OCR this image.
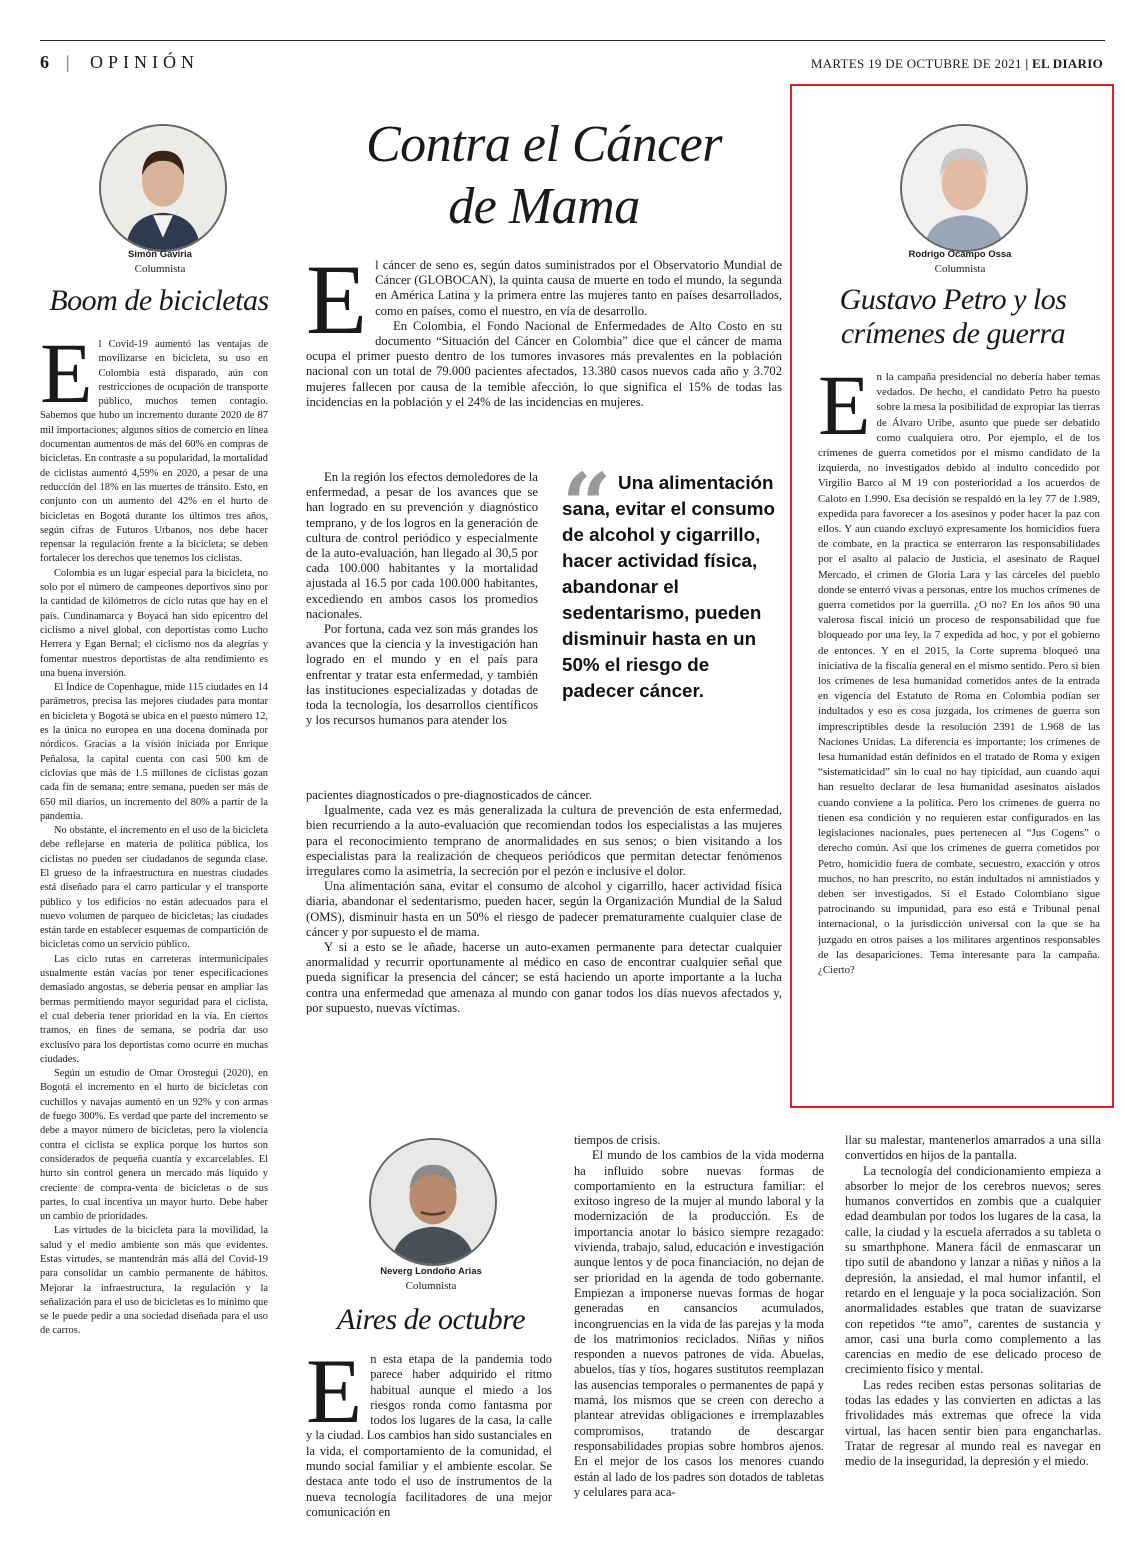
6 | OPINIÓN	MARTES 19 DE OCTUBRE DE 2021 | EL DIARIO
Simón Gaviria
Columnista
Boom de bicicletas

El Covid-19 aumentó las ventajas de movilizarse en bicicleta, su uso en Colombia está disparado, aún con restricciones de ocupación de transporte público, muchos temen contagio. Sabemos que hubo un incremento durante 2020 de 87 mil importaciones; algunos sitios de comercio en línea documentan aumentos de más del 60% en compras de bicicletas. En contraste a su popularidad, la mortalidad de ciclistas aumentó 4,59% en 2020, a pesar de una reducción del 18% en las muertes de tránsito. Esto, en conjunto con un aumento del 42% en el hurto de bicicletas en Bogotá durante los últimos tres años, según cifras de Futuros Urbanos, nos debe hacer repensar la regulación frente a la bicicleta; se deben fortalecer los derechos que tenemos los ciclistas.

Colombia es un lugar especial para la bicicleta, no solo por el número de campeones deportivos sino por la cantidad de kilómetros de ciclo rutas que hay en el país. Cundinamarca y Boyacá han sido epicentro del ciclismo a nivel global, con deportistas como Lucho Herrera y Egan Bernal; el ciclismo nos da alegrías y fomentar nuestros deportistas de alta rendimiento es una buena inversión.

El Índice de Copenhague, mide 115 ciudades en 14 parámetros, precisa las mejores ciudades para montar en bicicleta y Bogotá se ubica en el puesto número 12, es la única no europea en una docena dominada por nórdicos. Gracias a la visión iniciada por Enrique Peñalosa, la capital cuenta con casi 500 km de ciclovías que más de 1.5 millones de ciclistas gozan cada fin de semana; entre semana, pueden ser más de 650 mil diarios, un incremento del 80% a partir de la pandemia.

No obstante, el incremento en el uso de la bicicleta debe reflejarse en materia de política pública, los ciclistas no pueden ser ciudadanos de segunda clase. El grueso de la infraestructura en nuestras ciudades está diseñado para el carro particular y el transporte público y los edificios no están adecuados para el nuevo volumen de parqueo de bicicletas; las ciudades están tarde en establecer esquemas de compartición de bicicletas como un servicio público.

Las ciclo rutas en carreteras intermunicipales usualmente están vacías por tener especificaciones demasiado angostas, se debería pensar en ampliar las bermas permitiendo mayor seguridad para el ciclista, el cual debería tener prioridad en la vía. En ciertos tramos, en fines de semana, se podría dar uso exclusivo para los deportistas como ocurre en muchas ciudades.

Según un estudio de Omar Orostegui (2020), en Bogotá el incremento en el hurto de bicicletas con cuchillos y navajas aumentó en un 92% y con armas de fuego 300%. Es verdad que parte del incremento se debe a mayor número de bicicletas, pero la violencia contra el ciclista se explica porque los hurtos son considerados de pequeña cuantía y excarcelables. El hurto sin control genera un mercado más líquido y creciente de compra-venta de bicicletas o de sus partes, lo cual incentiva un mayor hurto. Debe haber un cambio de prioridades.

Las virtudes de la bicicleta para la movilidad, la salud y el medio ambiente son más que evidentes. Estas virtudes, se mantendrán más allá del Covid-19 para consolidar un cambio permanente de hábitos. Mejorar la infraestructura, la regulación y la señalización para el uso de bicicletas es lo mínimo que se le puede pedir a una sociedad diseñada para el uso de carros.

Contra el Cáncer
de Mama

El cáncer de seno es, según datos suministrados por el Observatorio Mundial de Cáncer (GLOBOCAN), la quinta causa de muerte en todo el mundo, la segunda en América Latina y la primera entre las mujeres tanto en países desarrollados, como en países, como el nuestro, en vía de desarrollo.

En Colombia, el Fondo Nacional de Enfermedades de Alto Costo en su documento “Situación del Cáncer en Colombia” dice que el cáncer de mama ocupa el primer puesto dentro de los tumores invasores más prevalentes en la población nacional con un total de 79.000 pacientes afectados, 13.380 casos nuevos cada año y 3.702 mujeres fallecen por causa de la temible afección, lo que significa el 15% de todas las incidencias en la población y el 24% de las incidencias en mujeres.

En la región los efectos demoledores de la enfermedad, a pesar de los avances que se han logrado en su prevención y diagnóstico temprano, y de los logros en la generación de cultura de control periódico y especialmente de la auto-evaluación, han llegado al 30,5 por cada 100.000 habitantes y la mortalidad ajustada al 16.5 por cada 100.000 habitantes, excediendo en ambos casos los promedios nacionales.

Por fortuna, cada vez son más grandes los avances que la ciencia y la investigación han logrado en el mundo y en el país para enfrentar y tratar esta enfermedad, y también las instituciones especializadas y dotadas de toda la tecnología, los desarrollos científicos y los recursos humanos para atender los

“ Una alimentación sana, evitar el consumo de alcohol y cigarrillo, hacer actividad física, abandonar el sedentarismo, pueden disminuir hasta en un 50% el riesgo de padecer cáncer.

pacientes diagnosticados o pre-diagnosticados de cáncer.

Igualmente, cada vez es más generalizada la cultura de prevención de esta enfermedad, bien recurriendo a la auto-evaluación que recomiendan todos los especialistas a las mujeres para el reconocimiento temprano de anormalidades en sus senos; o bien visitando a los especialistas para la realización de chequeos periódicos que permitan detectar fenómenos irregulares como la asimetría, la secreción por el pezón e inclusive el dolor.

Una alimentación sana, evitar el consumo de alcohol y cigarrillo, hacer actividad física diaria, abandonar el sedentarismo, pueden hacer, según la Organización Mundial de la Salud (OMS), disminuir hasta en un 50% el riesgo de padecer prematuramente cualquier clase de cáncer y por supuesto el de mama.

Y si a esto se le añade, hacerse un auto-examen permanente para detectar cualquier anormalidad y recurrir oportunamente al médico en caso de encontrar cualquier señal que pueda significar la presencia del cáncer; se está haciendo un aporte importante a la lucha contra una enfermedad que amenaza al mundo con ganar todos los días nuevos afectados y, por supuesto, nuevas víctimas.

Rodrigo Ocampo Ossa
Columnista
Gustavo Petro y los
crímenes de guerra

En la campaña presidencial no debería haber temas vedados. De hecho, el candidato Petro ha puesto sobre la mesa la posibilidad de expropiar las tierras de Álvaro Uribe, asunto que puede ser debatido como cualquiera otro. Por ejemplo, el de los crímenes de guerra cometidos por el mismo candidato de la izquierda, no investigados debido al indulto concedido por Virgilio Barco al M 19 con posterioridad a los acuerdos de Caloto en 1.990. Esa decisión se respaldó en la ley 77 de 1.989, expedida para favorecer a los asesinos y poder hacer la paz con ellos. Y aun cuando excluyó expresamente los homicidios fuera de combate, en la practica se enterraron las responsabilidades por el asalto al palacio de Justicia, el asesinato de Raquel Mercado, el crimen de Gloria Lara y las cárceles del pueblo donde se enterró vivas a personas, entre los muchos crímenes de guerra cometidos por la guerrilla. ¿O no? En los años 90 una valerosa fiscal inició un proceso de responsabilidad que fue bloqueado por una ley, la 7 expedida ad hoc, y por el gobierno de entonces. Y en el 2015, la Corte suprema bloqueó una iniciativa de la fiscalía general en el mismo sentido. Pero si bien los crímenes de lesa humanidad cometidos antes de la entrada en vigencia del Estatuto de Roma en Colombia podían ser indultados y eso es cosa juzgada, los crímenes de guerra son imprescriptibles desde la resolución 2391 de 1.968 de las Naciones Unidas. La diferencia es importante; los crímenes de lesa humanidad están definidos en el tratado de Roma y exigen “sistematicidad” sin lo cual no hay tipicidad, aun cuando aquí han resuelto declarar de lesa humanidad asesinatos aislados cuando conviene a la política. Pero los crímenes de guerra no tienen esa condición y no requieren estar configurados en las legislaciones nacionales, pues pertenecen al “Jus Cogens” o derecho común. Así que los crímenes de guerra cometidos por Petro, homicidio fuera de combate, secuestro, exacción y otros muchos, no han prescrito, no están indultados ni amnistiados y deben ser investigados. Si el Estado Colombiano sigue patrocinando su impunidad, para eso está e Tribunal penal internacional, o la jurisdicción universal con la que se ha juzgado en otros países a los militares argentinos responsables de las desapariciones. Tema interesante para la campaña. ¿Cierto?

Neverg Londoño Arias
Columnista
Aires de octubre

En esta etapa de la pandemia todo parece haber adquirido el ritmo habitual aunque el miedo a los riesgos ronda como fantasma por todos los lugares de la casa, la calle y la ciudad. Los cambios han sido sustanciales en la vida, el comportamiento de la comunidad, el mundo social familiar y el ambiente escolar. Se destaca ante todo el uso de instrumentos de la nueva tecnología facilitadores de una mejor comunicación en

tiempos de crisis.

El mundo de los cambios de la vida moderna ha influido sobre nuevas formas de comportamiento en la estructura familiar: el exitoso ingreso de la mujer al mundo laboral y la modernización de la producción. Es de importancia anotar lo básico siempre rezagado: vivienda, trabajo, salud, educación e investigación aunque lentos y de poca financiación, no dejan de ser prioridad en la agenda de todo gobernante. Empiezan a imponerse nuevas formas de hogar generadas en cansancios acumulados, incongruencias en la vida de las parejas y la moda de los matrimonios reciclados. Niñas y niños responden a nuevos patrones de vida. Abuelas, abuelos, tías y tíos, hogares sustitutos reemplazan las ausencias temporales o permanentes de papá y mamá, los mismos que se creen con derecho a plantear atrevidas obligaciones e irremplazables compromisos, tratando de descargar responsabilidades propias sobre hombros ajenos. En el mejor de los casos los menores cuando están al lado de los padres son dotados de tabletas y celulares para aca-

llar su malestar, mantenerlos amarrados a una silla convertidos en hijos de la pantalla.

La tecnología del condicionamiento empieza a absorber lo mejor de los cerebros nuevos; seres humanos convertidos en zombis que a cualquier edad deambulan por todos los lugares de la casa, la calle, la ciudad y la escuela aferrados a su tableta o su smarthphone. Manera fácil de enmascarar un tipo sutil de abandono y lanzar a niñas y niños a la depresión, la ansiedad, el mal humor infantil, el retardo en el lenguaje y la poca socialización. Son anormalidades estables que tratan de suavizarse con repetidos “te amo”, carentes de sustancia y amor, casi una burla como complemento a las carencias en medio de ese delicado proceso de crecimiento físico y mental.

Las redes reciben estas personas solitarias de todas las edades y las convierten en adictas a las frivolidades más extremas que ofrece la vida virtual, las hacen sentir bien para engancharlas. Tratar de regresar al mundo real es navegar en medio de la inseguridad, la depresión y el miedo.
